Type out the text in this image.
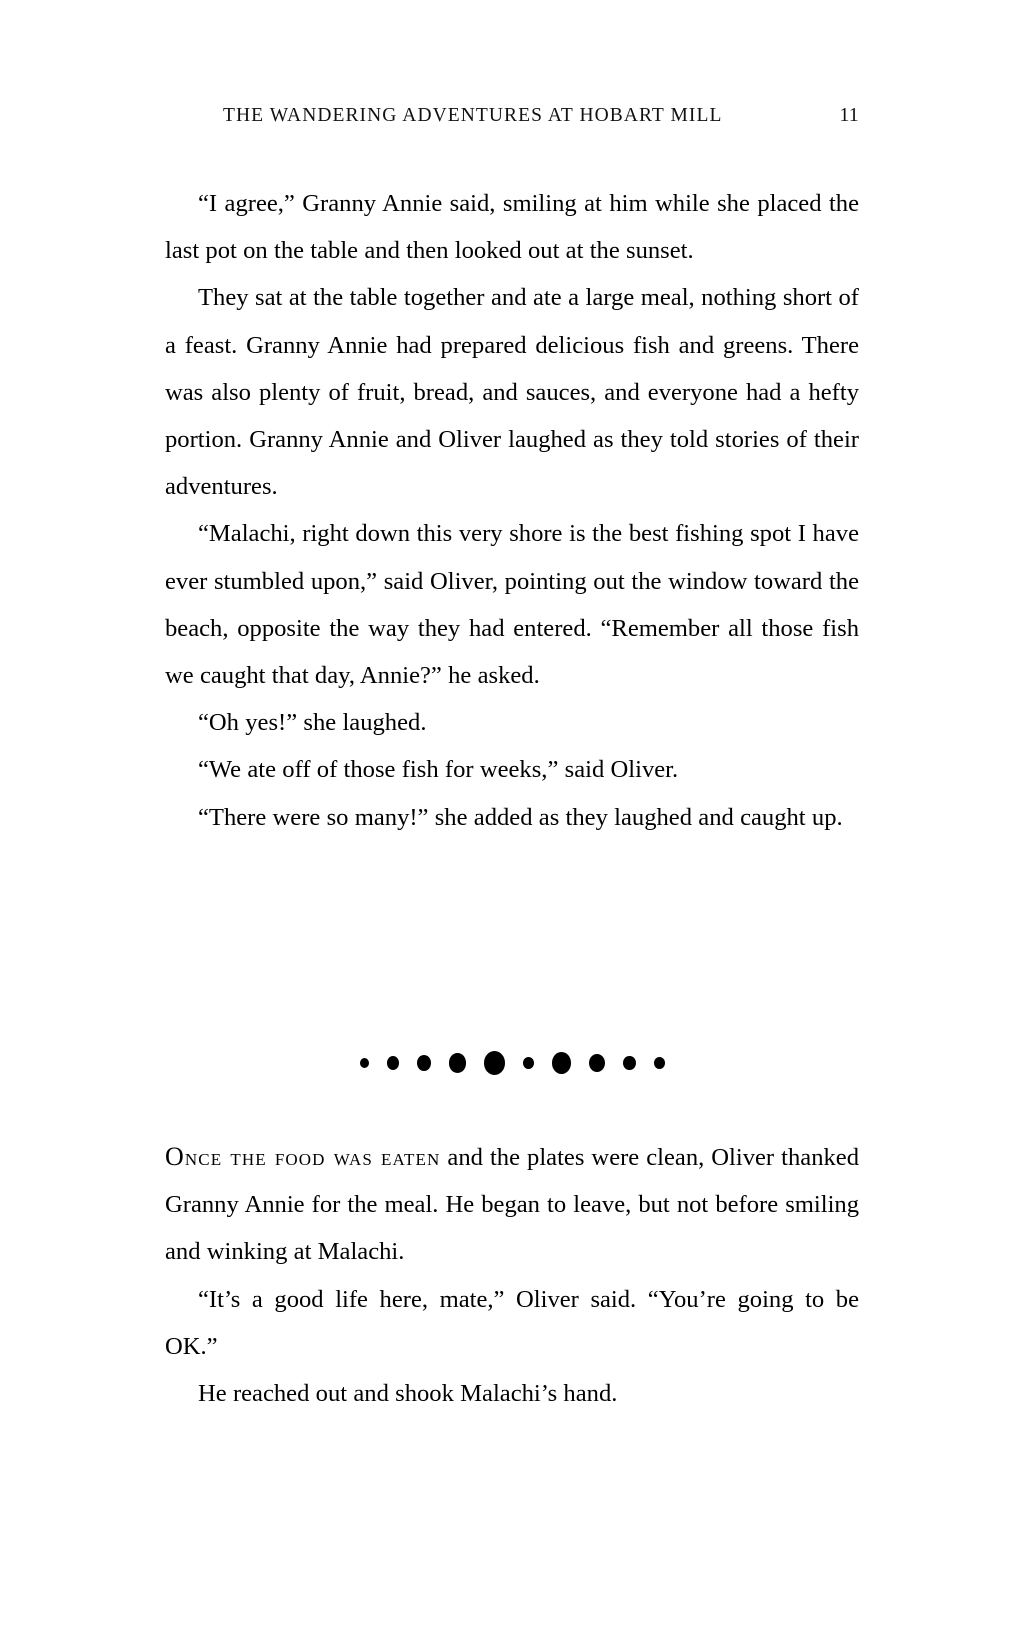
THE WANDERING ADVENTURES AT HOBART MILL	11

“I agree,” Granny Annie said, smiling at him while she placed the last pot on the table and then looked out at the sunset.

They sat at the table together and ate a large meal, nothing short of a feast. Granny Annie had prepared delicious fish and greens. There was also plenty of fruit, bread, and sauces, and everyone had a hefty portion. Granny Annie and Oliver laughed as they told stories of their adventures.

“Malachi, right down this very shore is the best fishing spot I have ever stumbled upon,” said Oliver, pointing out the window toward the beach, opposite the way they had entered. “Remember all those fish we caught that day, Annie?” he asked.

“Oh yes!” she laughed.

“We ate off of those fish for weeks,” said Oliver.

“There were so many!” she added as they laughed and caught up.

Once the food was eaten and the plates were clean, Oliver thanked Granny Annie for the meal. He began to leave, but not before smiling and winking at Malachi.

“It’s a good life here, mate,” Oliver said. “You’re going to be OK.”

He reached out and shook Malachi’s hand.
